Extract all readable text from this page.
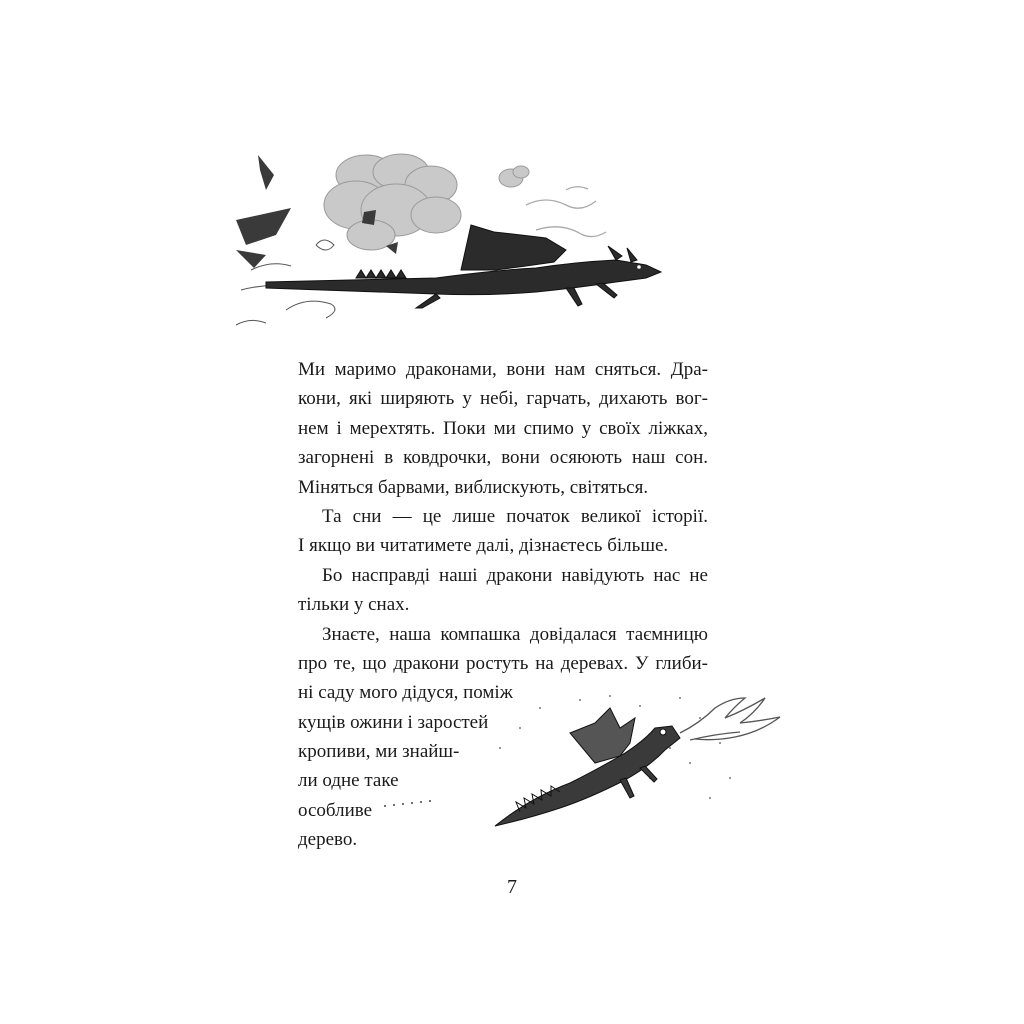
Ми маримо драконами, вони нам сняться. Дра-
кони, які ширяють у небі, гарчать, дихають вог-
нем і мерехтять. Поки ми спимо у своїх ліжках,
загорнені в ковдрочки, вони осяюють наш сон.
Міняться барвами, виблискують, світяться.
Та сни — це лише початок великої історії.
І якщо ви читатимете далі, дізнаєтесь більше.
Бо насправді наші дракони навідують нас не
тільки у снах.
Знаєте, наша компашка довідалася таємницю
про те, що дракони ростуть на деревах. У глиби-
ні саду мого дідуся, поміж
кущів ожини і заростей
кропиви, ми знайш-
ли одне таке
особливе
дерево.
7
